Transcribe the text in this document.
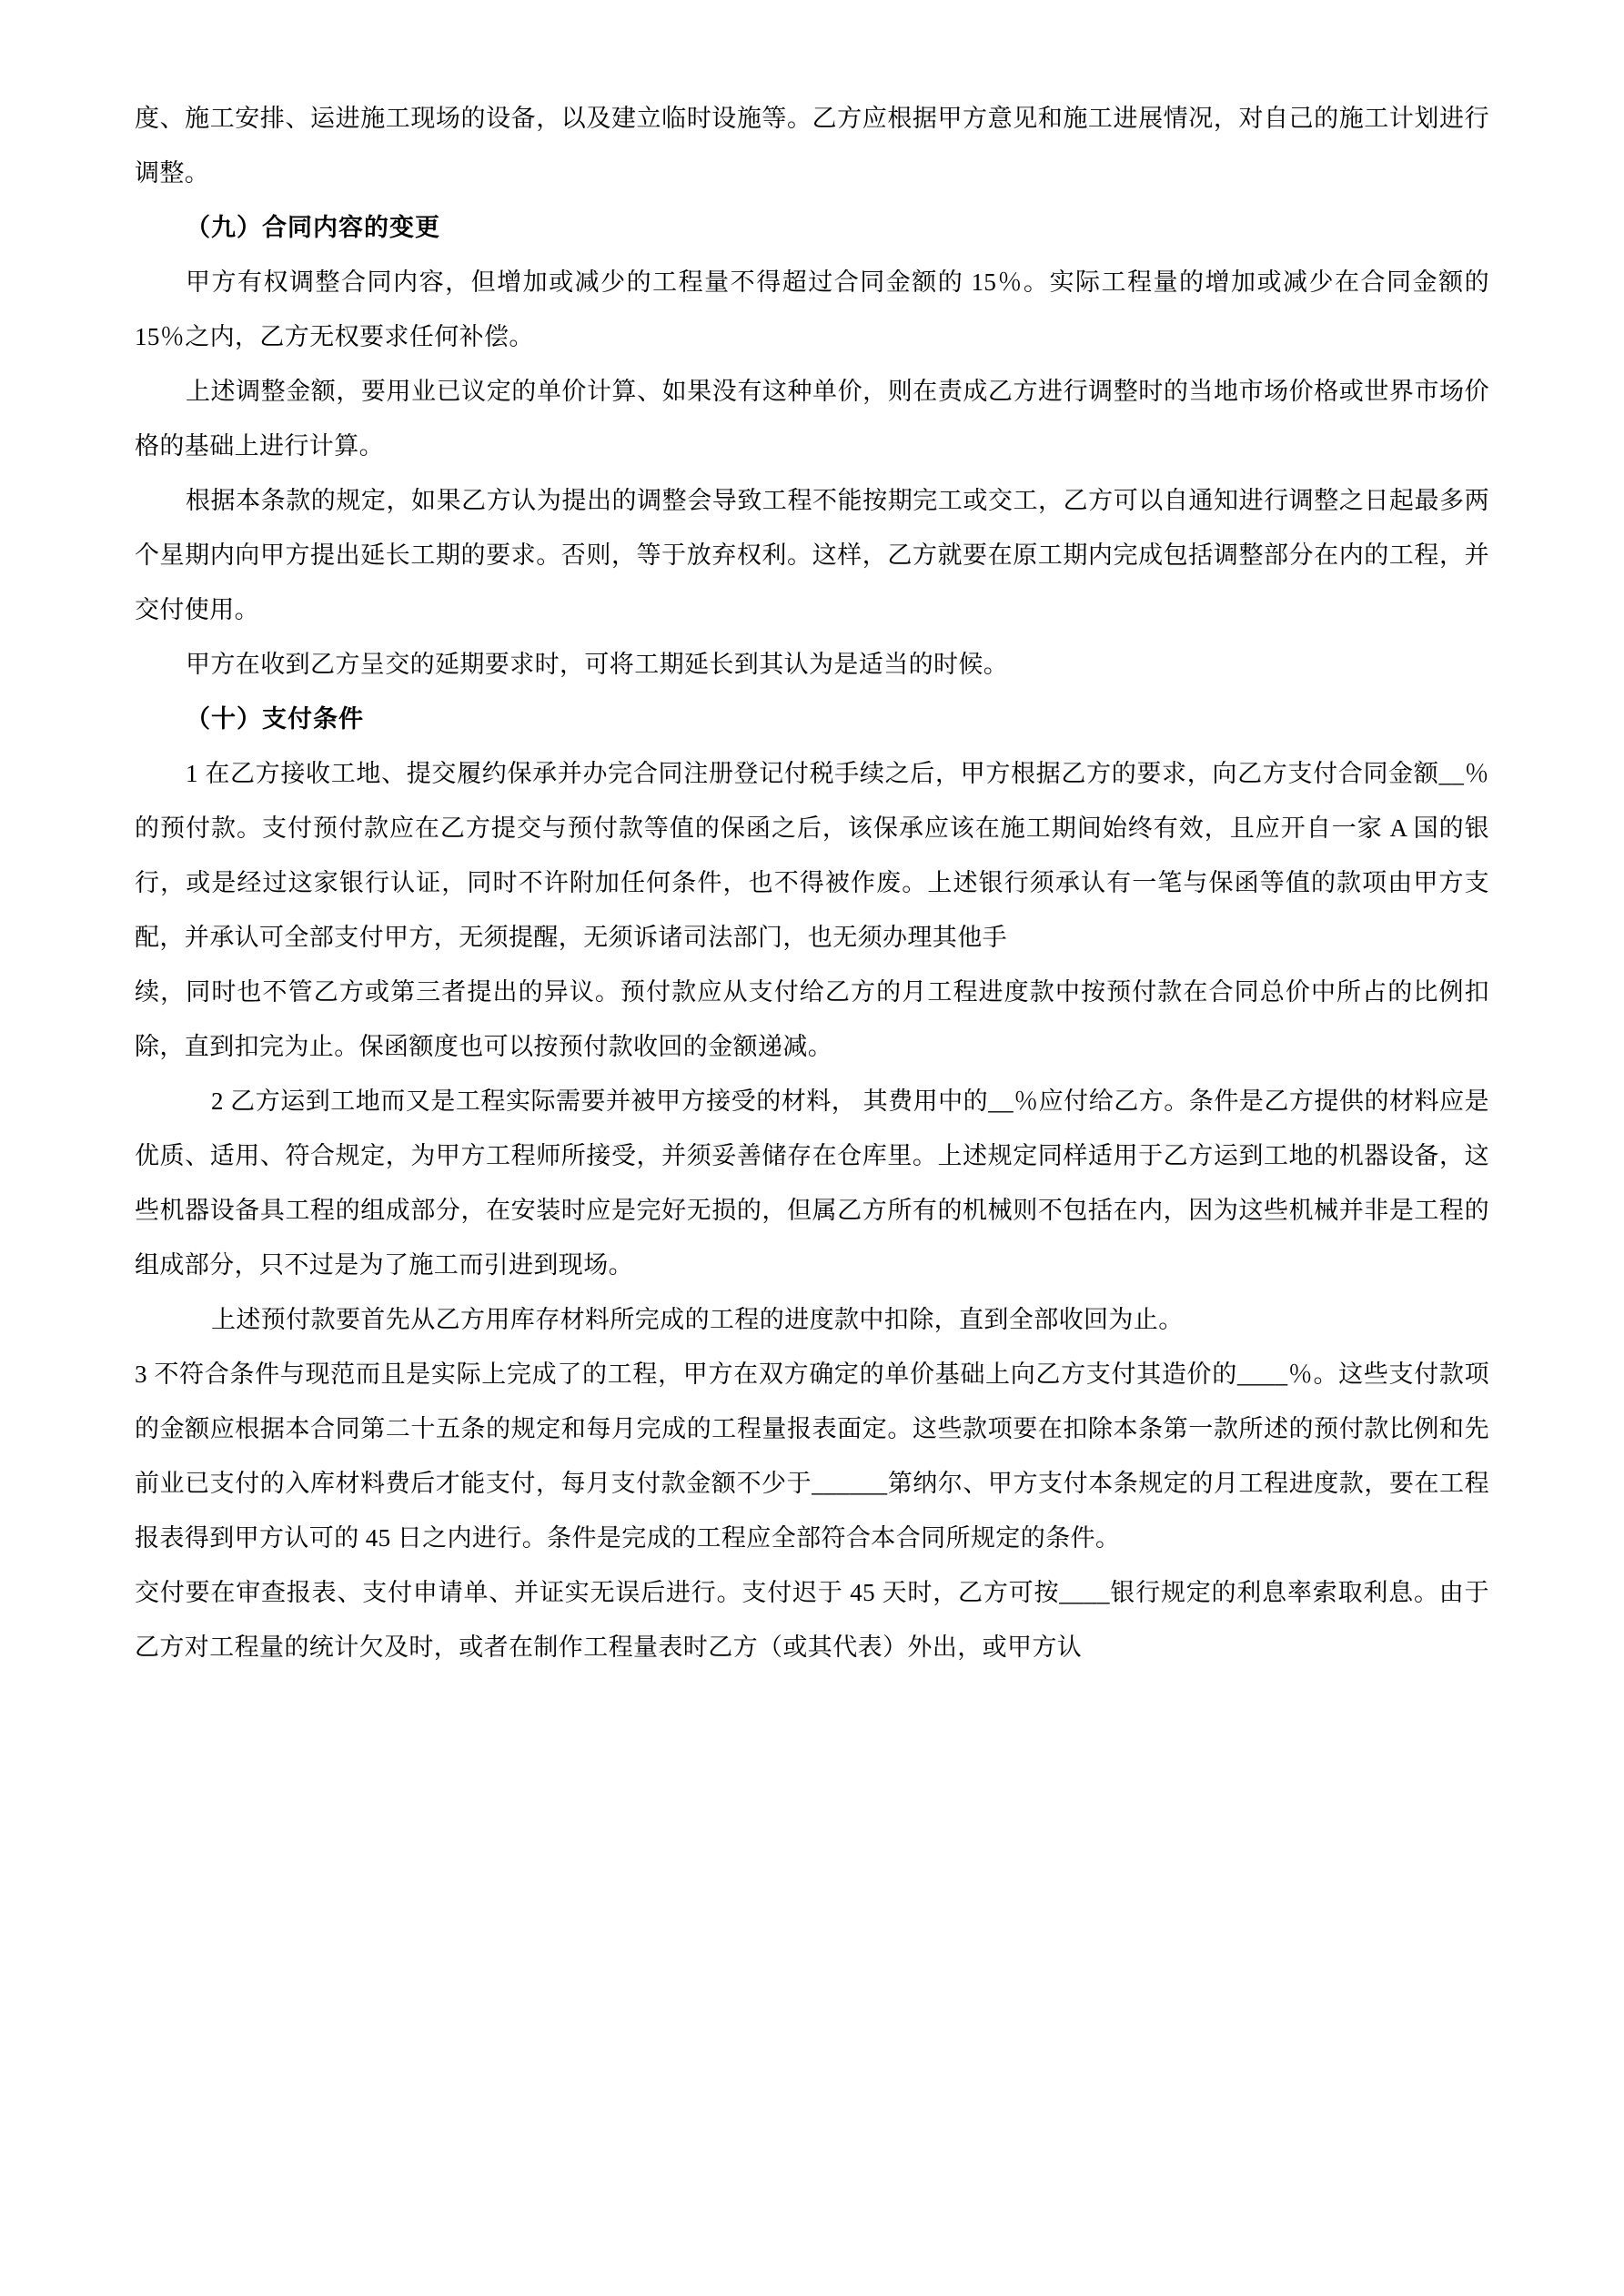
度、施工安排、运进施工现场的设备，以及建立临时设施等。乙方应根据甲方意见和施工进展情况，对自己的施工计划进行调整。

（九）合同内容的变更

甲方有权调整合同内容，但增加或减少的工程量不得超过合同金额的 15％。实际工程量的增加或减少在合同金额的 15％之内，乙方无权要求任何补偿。

上述调整金额，要用业已议定的单价计算、如果没有这种单价，则在责成乙方进行调整时的当地市场价格或世界市场价格的基础上进行计算。

根据本条款的规定，如果乙方认为提出的调整会导致工程不能按期完工或交工，乙方可以自通知进行调整之日起最多两个星期内向甲方提出延长工期的要求。否则，等于放弃权利。这样，乙方就要在原工期内完成包括调整部分在内的工程，并交付使用。

甲方在收到乙方呈交的延期要求时，可将工期延长到其认为是适当的时候。

（十）支付条件

1 在乙方接收工地、提交履约保承并办完合同注册登记付税手续之后，甲方根据乙方的要求，向乙方支付合同金额__％的预付款。支付预付款应在乙方提交与预付款等值的保函之后，该保承应该在施工期间始终有效，且应开自一家 A 国的银行，或是经过这家银行认证，同时不许附加任何条件，也不得被作废。上述银行须承认有一笔与保函等值的款项由甲方支配，并承认可全部支付甲方，无须提醒，无须诉诸司法部门，也无须办理其他手

续，同时也不管乙方或第三者提出的异议。预付款应从支付给乙方的月工程进度款中按预付款在合同总价中所占的比例扣除，直到扣完为止。保函额度也可以按预付款收回的金额递减。

2 乙方运到工地而又是工程实际需要并被甲方接受的材料， 其费用中的__％应付给乙方。条件是乙方提供的材料应是优质、适用、符合规定，为甲方工程师所接受，并须妥善储存在仓库里。上述规定同样适用于乙方运到工地的机器设备，这些机器设备具工程的组成部分，在安装时应是完好无损的，但属乙方所有的机械则不包括在内，因为这些机械并非是工程的组成部分，只不过是为了施工而引进到现场。

上述预付款要首先从乙方用库存材料所完成的工程的进度款中扣除，直到全部收回为止。

3 不符合条件与现范而且是实际上完成了的工程，甲方在双方确定的单价基础上向乙方支付其造价的____％。这些支付款项的金额应根据本合同第二十五条的规定和每月完成的工程量报表面定。这些款项要在扣除本条第一款所述的预付款比例和先前业已支付的入库材料费后才能支付，每月支付款金额不少于______第纳尔、甲方支付本条规定的月工程进度款，要在工程报表得到甲方认可的 45 日之内进行。条件是完成的工程应全部符合本合同所规定的条件。

交付要在审查报表、支付申请单、并证实无误后进行。支付迟于 45 天时，乙方可按____银行规定的利息率索取利息。由于乙方对工程量的统计欠及时，或者在制作工程量表时乙方（或其代表）外出，或甲方认
